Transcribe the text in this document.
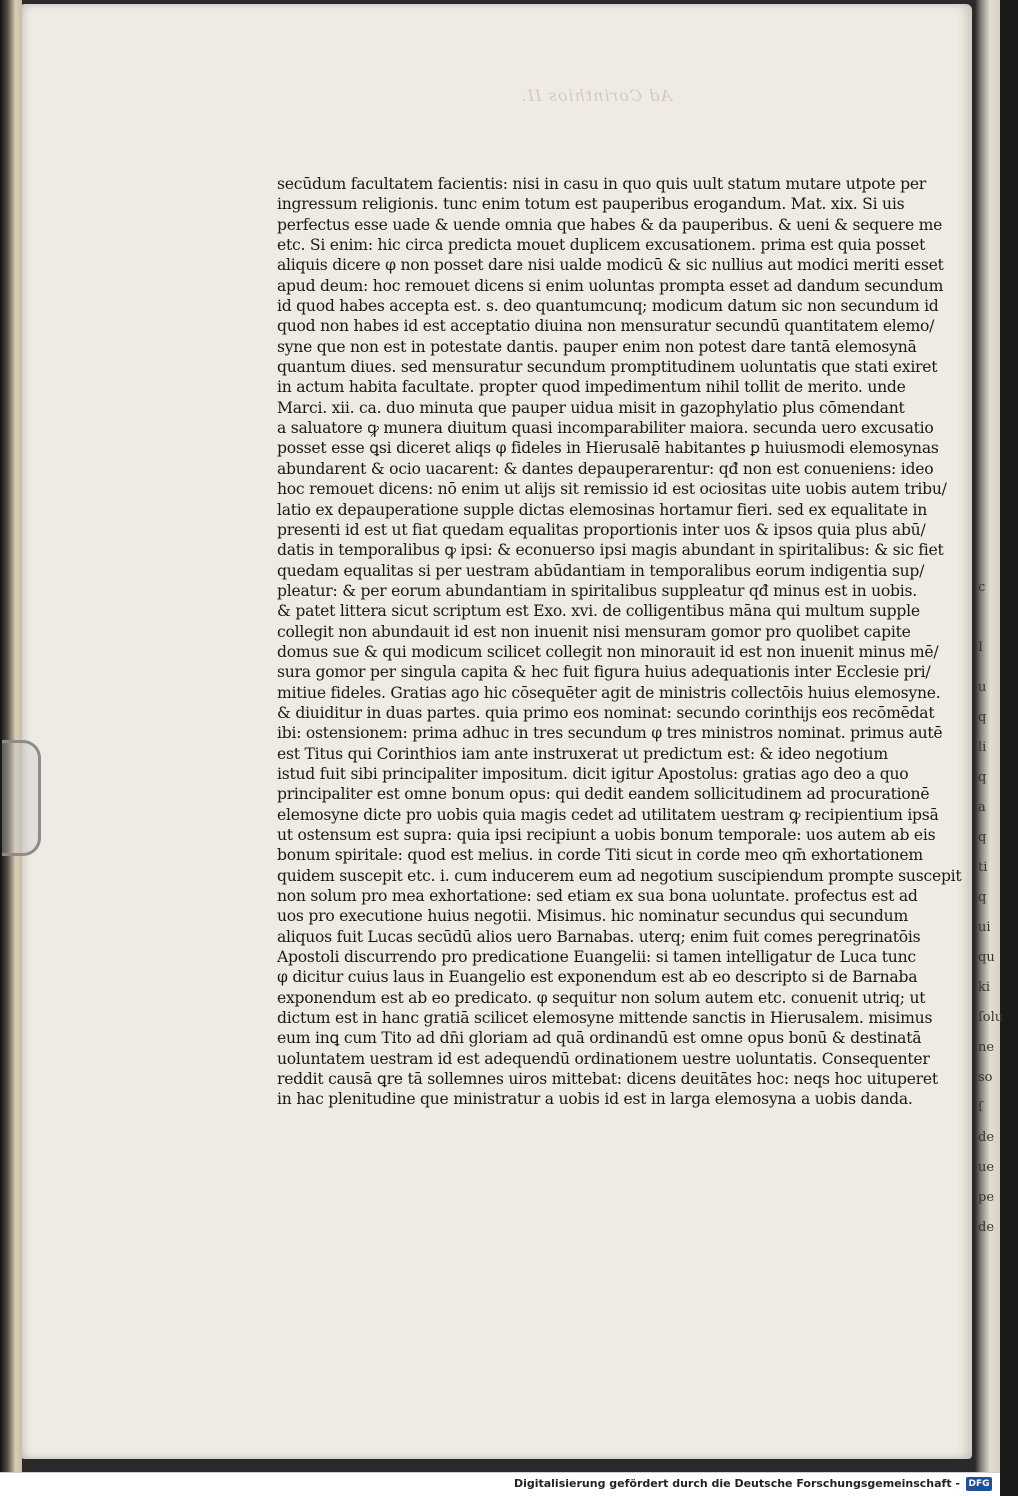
Ad Corinthios II.
secūdum facultatem facientis: nisi in casu in quo quis uult statum mutare utpote per
ingressum religionis. tunc enim totum est pauperibus erogandum. Mat. xix. Si uis
perfectus esse uade & uende omnia que habes & da pauperibus. & ueni & sequere me
etc. Si enim: hic circa predicta mouet duplicem excusationem. prima est quia posset
aliquis dicere φ non posset dare nisi ualde modicū & sic nullius aut modici meriti esset
apud deum: hoc remouet dicens si enim uoluntas prompta esset ad dandum secundum
id quod habes accepta est. s. deo quantumcunq; modicum datum sic non secundum id
quod non habes id est acceptatio diuina non mensuratur secundū quantitatem elemo/
syne que non est in potestate dantis. pauper enim non potest dare tantā elemosynā
quantum diues. sed mensuratur secundum promptitudinem uoluntatis que stati exiret
in actum habita facultate. propter quod impedimentum nihil tollit de merito. unde
Marci. xii. ca. duo minuta que pauper uidua misit in gazophylatio plus cōmendant
a saluatore ꝙ munera diuitum quasi incomparabiliter maiora. secunda uero excusatio
posset esse ꝗsi diceret aliqs φ fideles in Hierusalē habitantes ꝑ huiusmodi elemosynas
abundarent & ocio uacarent: & dantes depauperarentur: qđ non est conueniens: ideo
hoc remouet dicens: nō enim ut alijs sit remissio id est ociositas uite uobis autem tribu/
latio ex depauperatione supple dictas elemosinas hortamur fieri. sed ex equalitate in
presenti id est ut fiat quedam equalitas proportionis inter uos & ipsos quia plus abū/
datis in temporalibus ꝙ ipsi: & econuerso ipsi magis abundant in spiritalibus: & sic fiet
quedam equalitas si per uestram abūdantiam in temporalibus eorum indigentia sup/
pleatur: & per eorum abundantiam in spiritalibus suppleatur qđ minus est in uobis.
& patet littera sicut scriptum est Exo. xvi. de colligentibus māna qui multum supple
collegit non abundauit id est non inuenit nisi mensuram gomor pro quolibet capite
domus sue & qui modicum scilicet collegit non minorauit id est non inuenit minus mē/
sura gomor per singula capita & hec fuit figura huius adequationis inter Ecclesie pri/
mitiue fideles. Gratias ago hic cōsequēter agit de ministris collectōis huius elemosyne.
& diuiditur in duas partes. quia primo eos nominat: secundo corinthijs eos recōmēdat
ibi: ostensionem: prima adhuc in tres secundum φ tres ministros nominat. primus autē
est Titus qui Corinthios iam ante instruxerat ut predictum est: & ideo negotium
istud fuit sibi principaliter impositum. dicit igitur Apostolus: gratias ago deo a quo
principaliter est omne bonum opus: qui dedit eandem sollicitudinem ad procurationē
elemosyne dicte pro uobis quia magis cedet ad utilitatem uestram ꝙ recipientium ipsā
ut ostensum est supra: quia ipsi recipiunt a uobis bonum temporale: uos autem ab eis
bonum spiritale: quod est melius. in corde Titi sicut in corde meo qm̄ exhortationem
quidem suscepit etc. i. cum inducerem eum ad negotium suscipiendum prompte suscepit
non solum pro mea exhortatione: sed etiam ex sua bona uoluntate. profectus est ad
uos pro executione huius negotii. Misimus. hic nominatur secundus qui secundum
aliquos fuit Lucas secūdū alios uero Barnabas. uterq; enim fuit comes peregrinatōis
Apostoli discurrendo pro predicatione Euangelii: si tamen intelligatur de Luca tunc
φ dicitur cuius laus in Euangelio est exponendum est ab eo descripto si de Barnaba
exponendum est ab eo predicato. φ sequitur non solum autem etc. conuenit utriq; ut
dictum est in hanc gratiā scilicet elemosyne mittende sanctis in Hierusalem. misimus
eum inꝗ cum Tito ad dn̄i gloriam ad quā ordinandū est omne opus bonū & destinatā
uoluntatem uestram id est adequendū ordinationem uestre uoluntatis. Consequenter
reddit causā ꝗre tā sollemnes uiros mittebat: dicens deuitātes hoc: neqs hoc uituperet
in hac plenitudine que ministratur a uobis id est in larga elemosyna a uobis danda.
c
I
u
q
li
q
a
q
ti
q
ui
qu
ki
ſolu
ne
so
ſ
de
ue
pe
de
Digitalisierung gefördert durch die Deutsche Forschungsgemeinschaft - DFG
